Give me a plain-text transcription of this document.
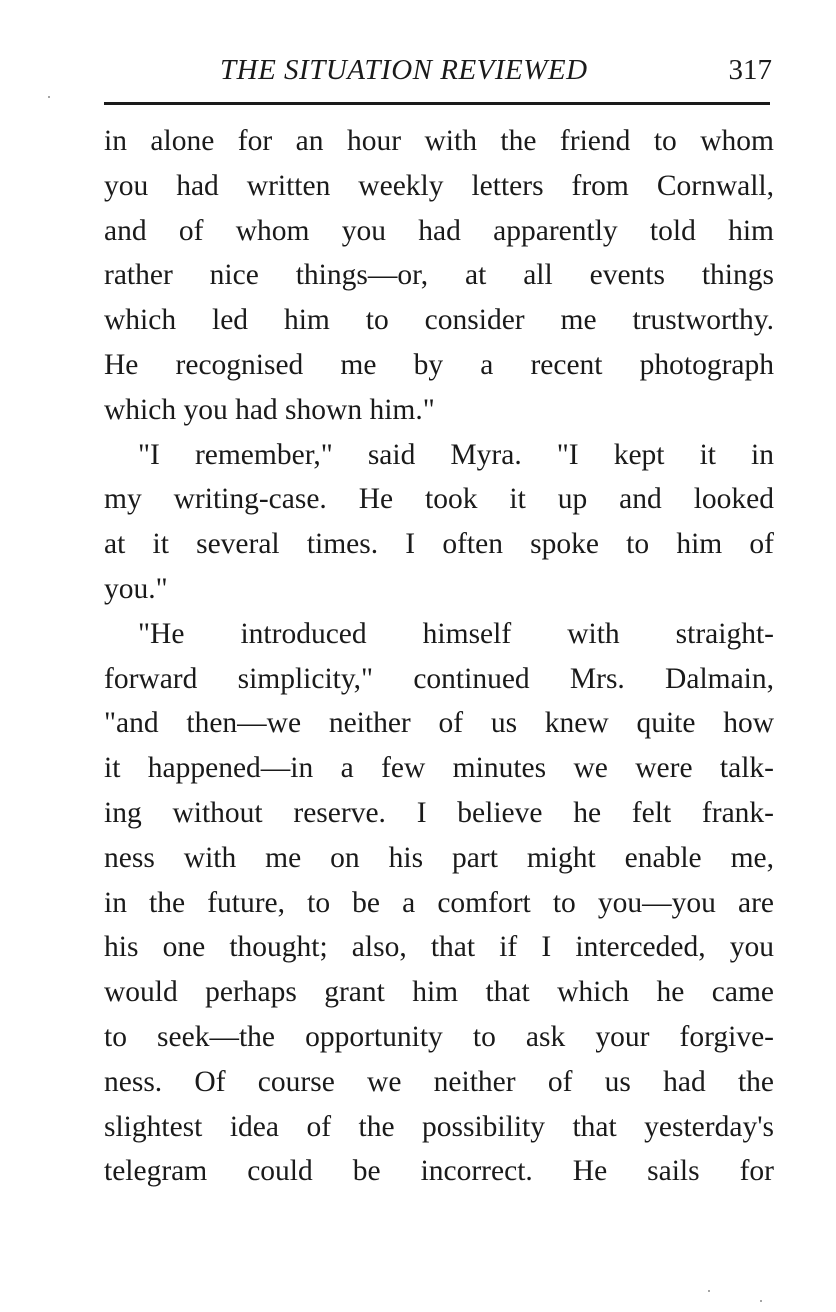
THE SITUATION REVIEWED	317
in alone for an hour with the friend to whom
you had written weekly letters from Cornwall,
and of whom you had apparently told him
rather nice things—or, at all events things
which led him to consider me trustworthy.
He recognised me by a recent photograph
which you had shown him."
"I remember," said Myra. "I kept it in
my writing-case. He took it up and looked
at it several times. I often spoke to him of
you."
"He introduced himself with straight-
forward simplicity," continued Mrs. Dalmain,
"and then—we neither of us knew quite how
it happened—in a few minutes we were talk-
ing without reserve. I believe he felt frank-
ness with me on his part might enable me,
in the future, to be a comfort to you—you are
his one thought; also, that if I interceded, you
would perhaps grant him that which he came
to seek—the opportunity to ask your forgive-
ness. Of course we neither of us had the
slightest idea of the possibility that yesterday's
telegram could be incorrect. He sails for
